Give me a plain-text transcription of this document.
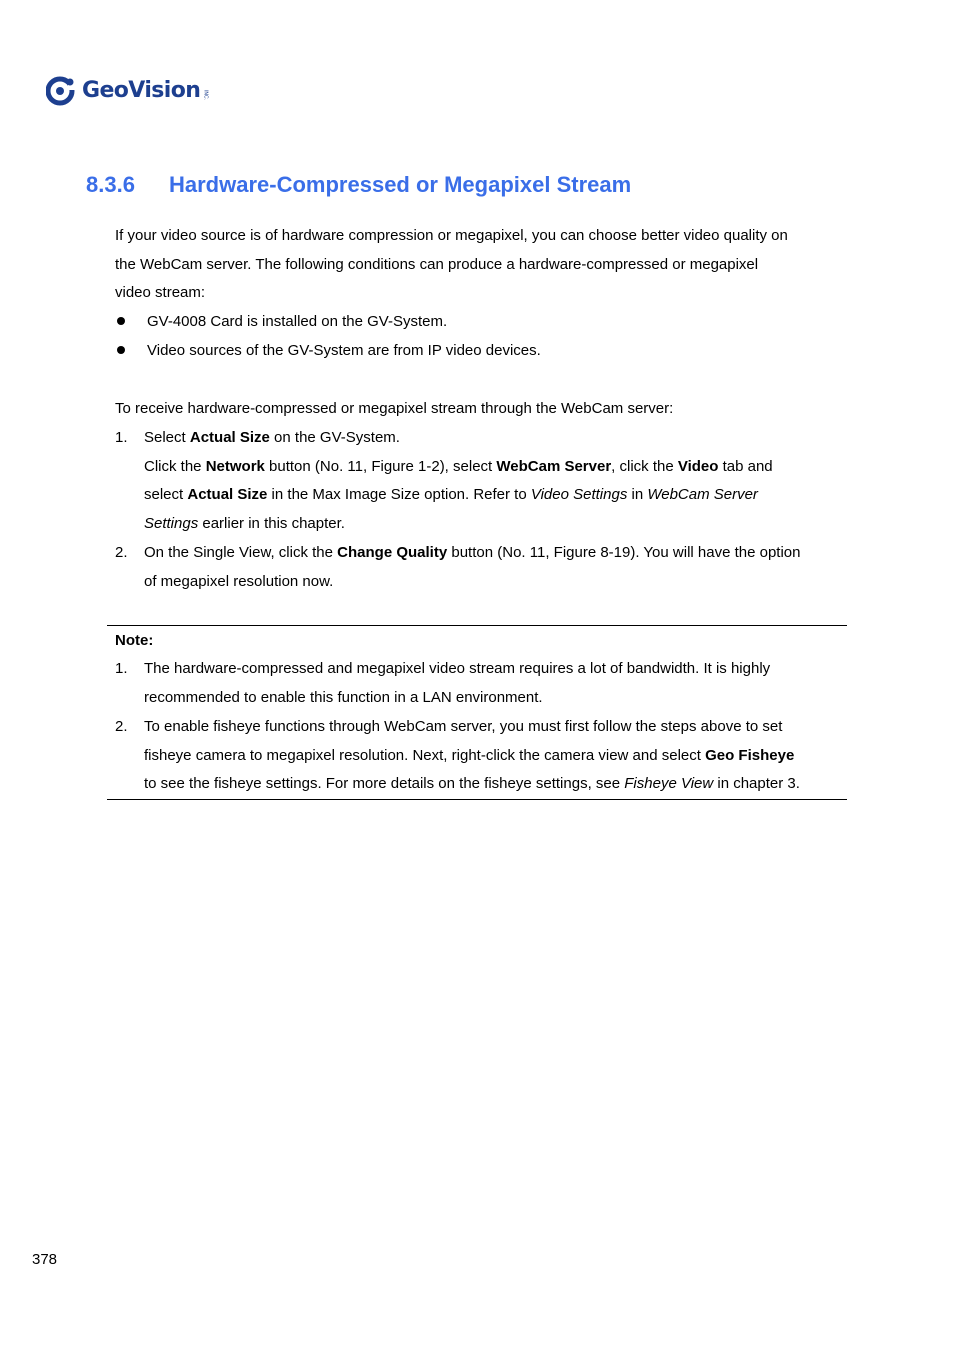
GeoVision INC.
8.3.6 Hardware-Compressed or Megapixel Stream
If your video source is of hardware compression or megapixel, you can choose better video quality on
the WebCam server. The following conditions can produce a hardware-compressed or megapixel
video stream:
GV-4008 Card is installed on the GV-System.
Video sources of the GV-System are from IP video devices.
To receive hardware-compressed or megapixel stream through the WebCam server:
1. Select Actual Size on the GV-System.
Click the Network button (No. 11, Figure 1-2), select WebCam Server, click the Video tab and
select Actual Size in the Max Image Size option. Refer to Video Settings in WebCam Server
Settings earlier in this chapter.
2. On the Single View, click the Change Quality button (No. 11, Figure 8-19). You will have the option
of megapixel resolution now.
Note:
1. The hardware-compressed and megapixel video stream requires a lot of bandwidth. It is highly
recommended to enable this function in a LAN environment.
2. To enable fisheye functions through WebCam server, you must first follow the steps above to set
fisheye camera to megapixel resolution. Next, right-click the camera view and select Geo Fisheye
to see the fisheye settings. For more details on the fisheye settings, see Fisheye View in chapter 3.
378
